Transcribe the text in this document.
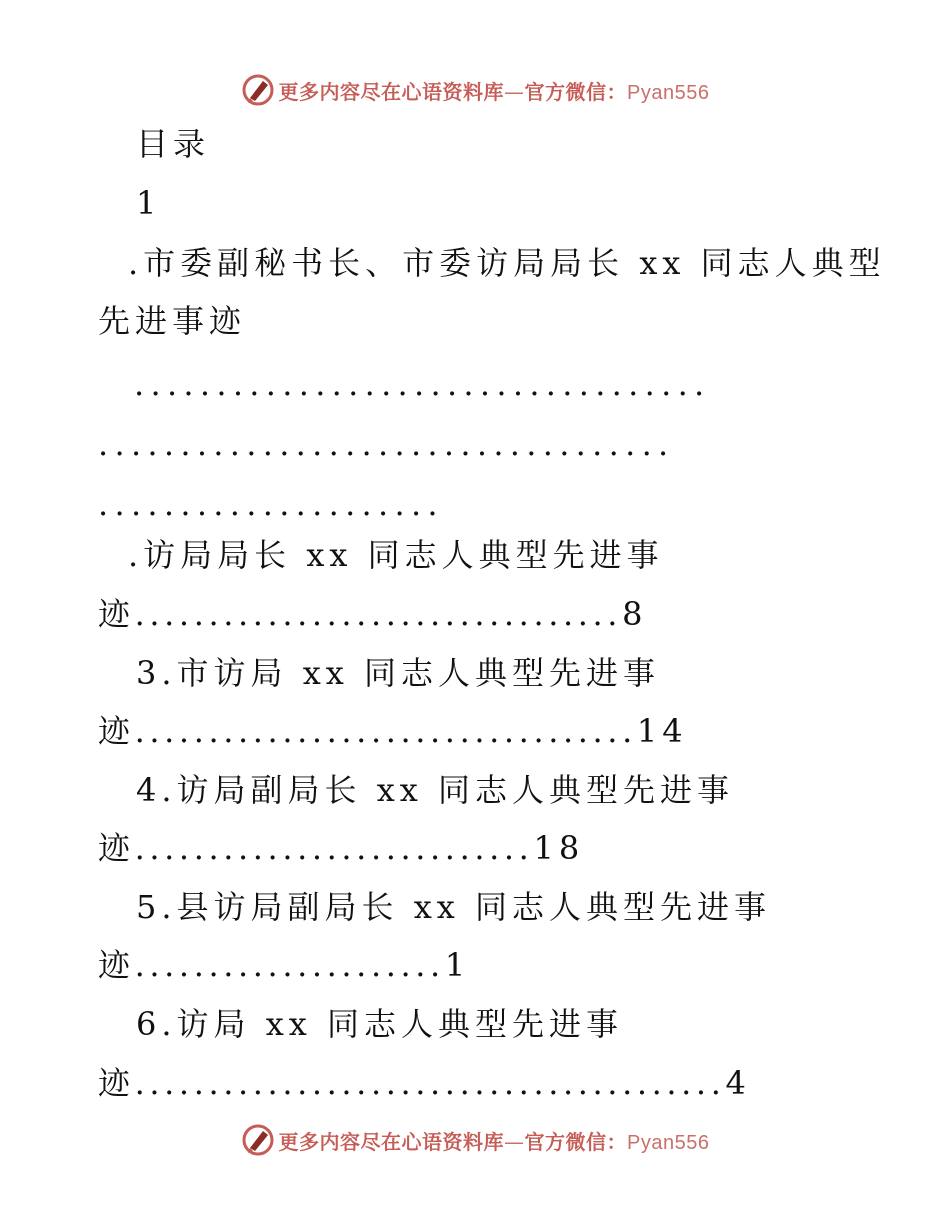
更多内容尽在心语资料库—官方微信：Pyan556
目录
1
.市委副秘书长、市委访局局长 xx 同志人典型
先进事迹
...................................
...................................
.....................
.访局局长 xx 同志人典型先进事
迹.................................8
3.市访局 xx 同志人典型先进事
迹..................................14
4.访局副局长 xx 同志人典型先进事
迹...........................18
5.县访局副局长 xx 同志人典型先进事
迹.....................1
6.访局 xx 同志人典型先进事
迹........................................4
更多内容尽在心语资料库—官方微信：Pyan556
